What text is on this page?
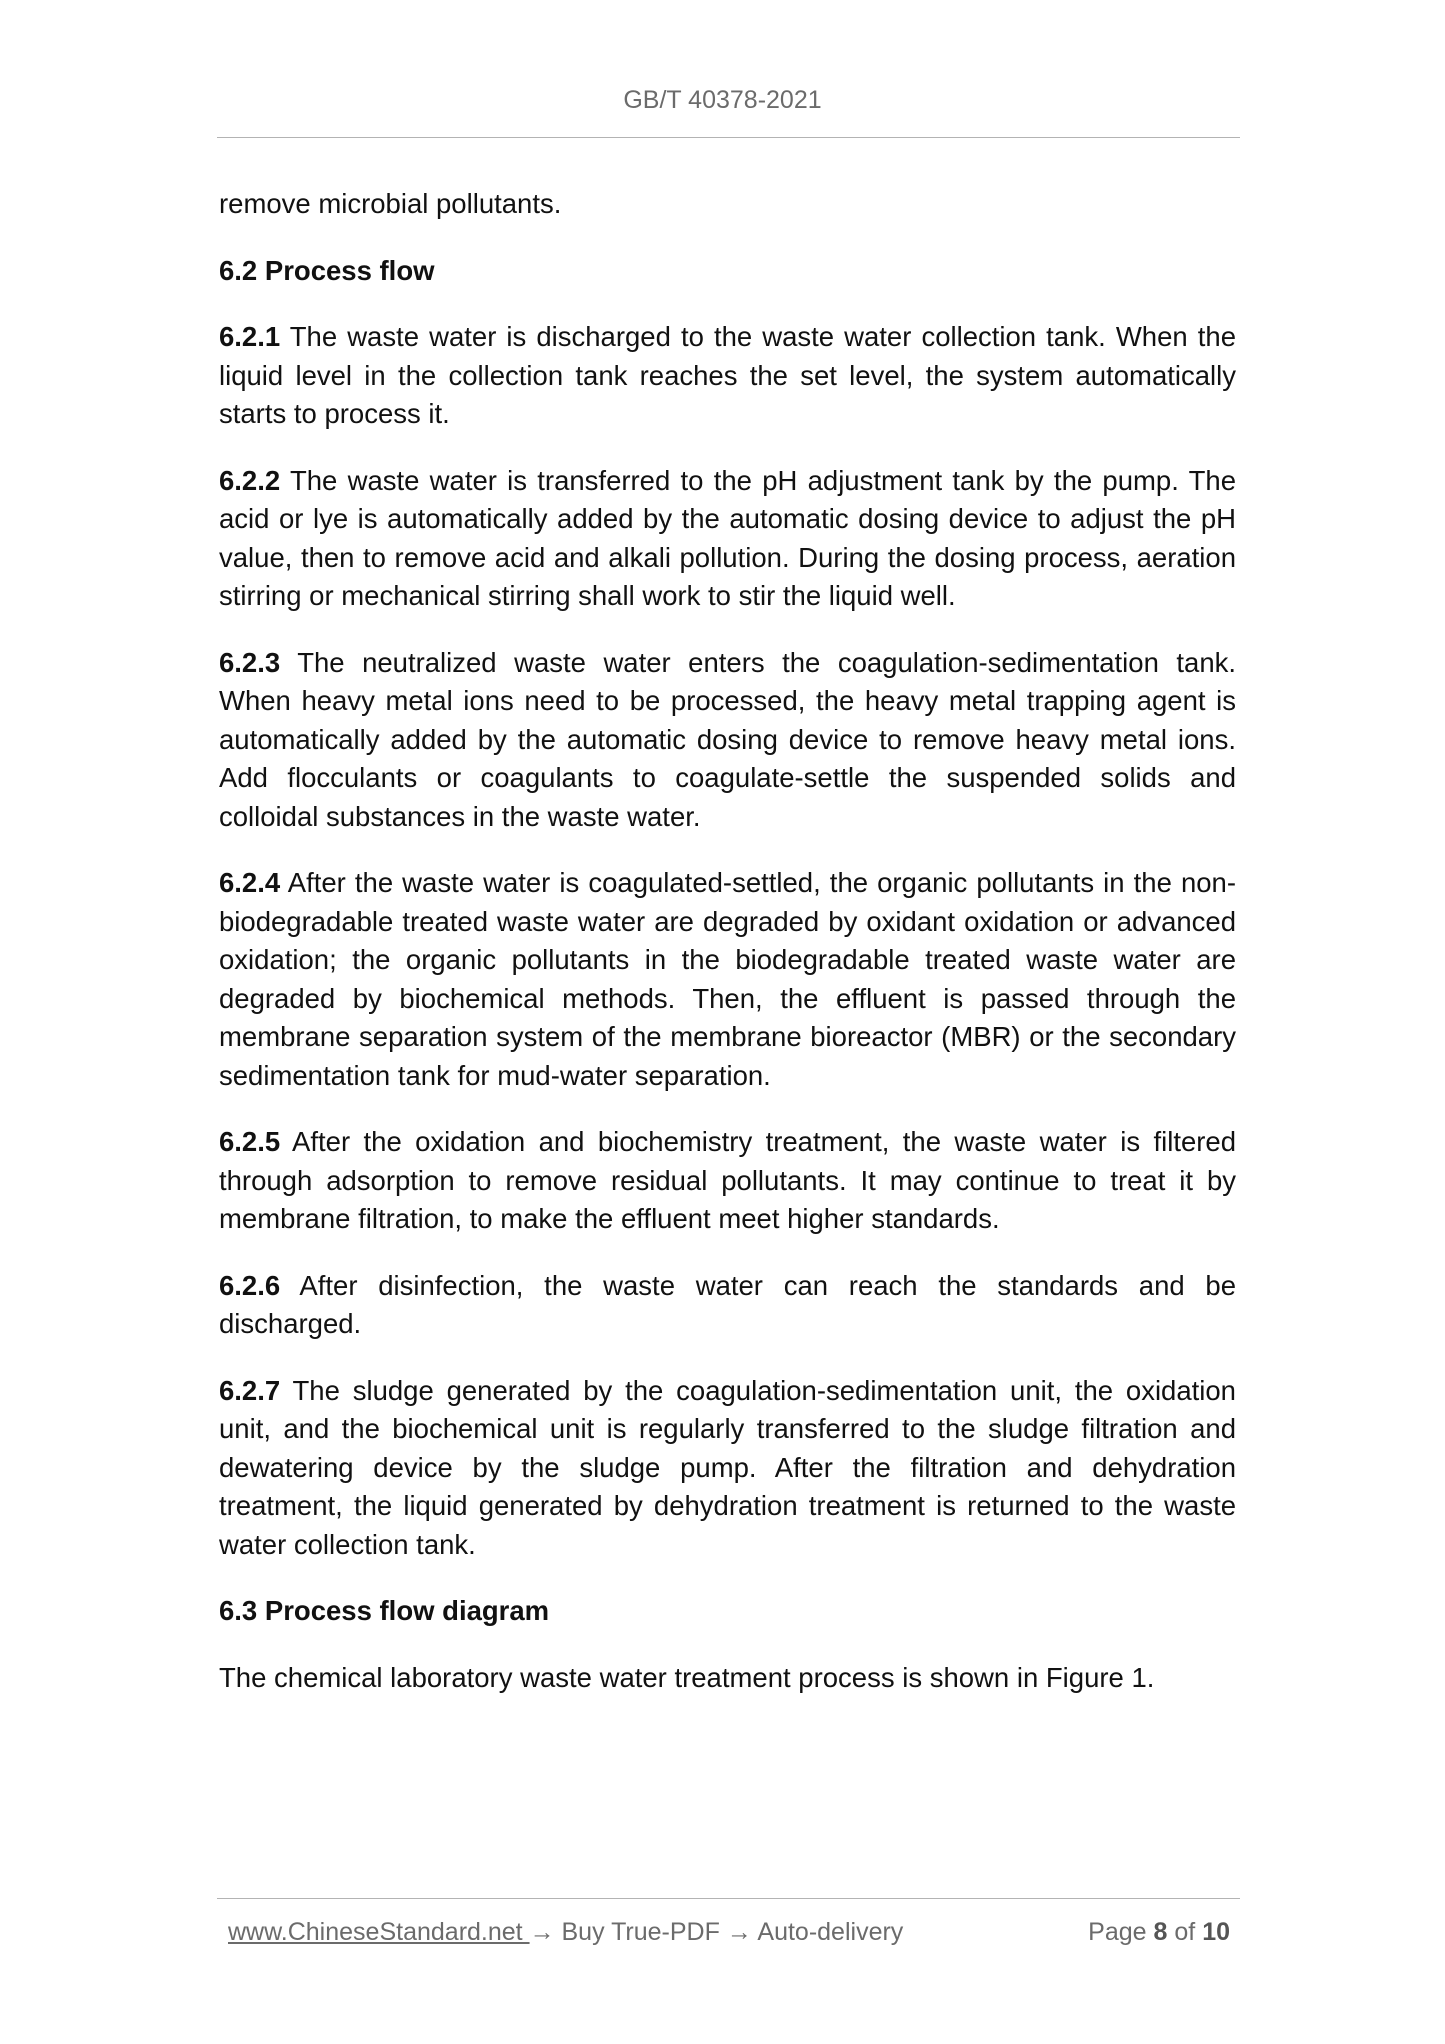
GB/T 40378-2021

remove microbial pollutants.

6.2 Process flow

6.2.1 The waste water is discharged to the waste water collection tank. When the liquid level in the collection tank reaches the set level, the system automatically starts to process it.

6.2.2 The waste water is transferred to the pH adjustment tank by the pump. The acid or lye is automatically added by the automatic dosing device to adjust the pH value, then to remove acid and alkali pollution. During the dosing process, aeration stirring or mechanical stirring shall work to stir the liquid well.

6.2.3 The neutralized waste water enters the coagulation-sedimentation tank. When heavy metal ions need to be processed, the heavy metal trapping agent is automatically added by the automatic dosing device to remove heavy metal ions. Add flocculants or coagulants to coagulate-settle the suspended solids and colloidal substances in the waste water.

6.2.4 After the waste water is coagulated-settled, the organic pollutants in the non-biodegradable treated waste water are degraded by oxidant oxidation or advanced oxidation; the organic pollutants in the biodegradable treated waste water are degraded by biochemical methods. Then, the effluent is passed through the membrane separation system of the membrane bioreactor (MBR) or the secondary sedimentation tank for mud-water separation.

6.2.5 After the oxidation and biochemistry treatment, the waste water is filtered through adsorption to remove residual pollutants. It may continue to treat it by membrane filtration, to make the effluent meet higher standards.

6.2.6 After disinfection, the waste water can reach the standards and be discharged.

6.2.7 The sludge generated by the coagulation-sedimentation unit, the oxidation unit, and the biochemical unit is regularly transferred to the sludge filtration and dewatering device by the sludge pump. After the filtration and dehydration treatment, the liquid generated by dehydration treatment is returned to the waste water collection tank.

6.3 Process flow diagram

The chemical laboratory waste water treatment process is shown in Figure 1.

www.ChineseStandard.net → Buy True-PDF → Auto-delivery	Page 8 of 10
